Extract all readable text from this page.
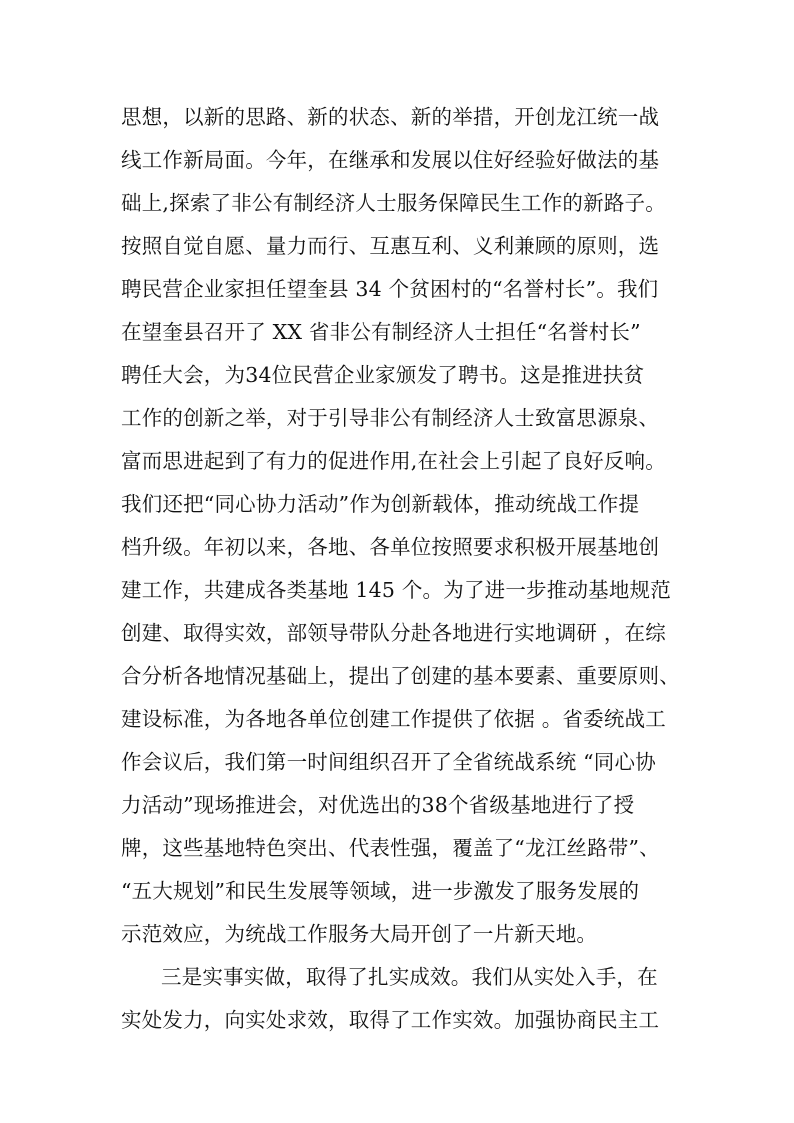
思想，以新的思路、新的状态、新的举措，开创龙江统一战
线工作新局面。今年，在继承和发展以住好经验好做法的基
础上,探索了非公有制经济人士服务保障民生工作的新路子。
按照自觉自愿、量力而行、互惠互利、义利兼顾的原则，选
聘民营企业家担任望奎县 34 个贫困村的“名誉村长”。我们
在望奎县召开了 XX 省非公有制经济人士担任“名誉村长”
聘任大会，为34位民营企业家颁发了聘书。这是推进扶贫
工作的创新之举，对于引导非公有制经济人士致富思源泉、
富而思进起到了有力的促进作用,在社会上引起了良好反响。
我们还把“同心协力活动”作为创新载体，推动统战工作提
档升级。年初以来，各地、各单位按照要求积极开展基地创
建工作，共建成各类基地 145 个。为了进一步推动基地规范
创建、取得实效，部领导带队分赴各地进行实地调研 ，在综
合分析各地情况基础上，提出了创建的基本要素、重要原则、
建设标准，为各地各单位创建工作提供了依据 。省委统战工
作会议后，我们第一时间组织召开了全省统战系统 “同心协
力活动”现场推进会，对优选出的38个省级基地进行了授
牌，这些基地特色突出、代表性强，覆盖了“龙江丝路带”、
“五大规划”和民生发展等领域，进一步激发了服务发展的
示范效应，为统战工作服务大局开创了一片新天地。
三是实事实做，取得了扎实成效。我们从实处入手，在
实处发力，向实处求效，取得了工作实效。加强协商民主工
